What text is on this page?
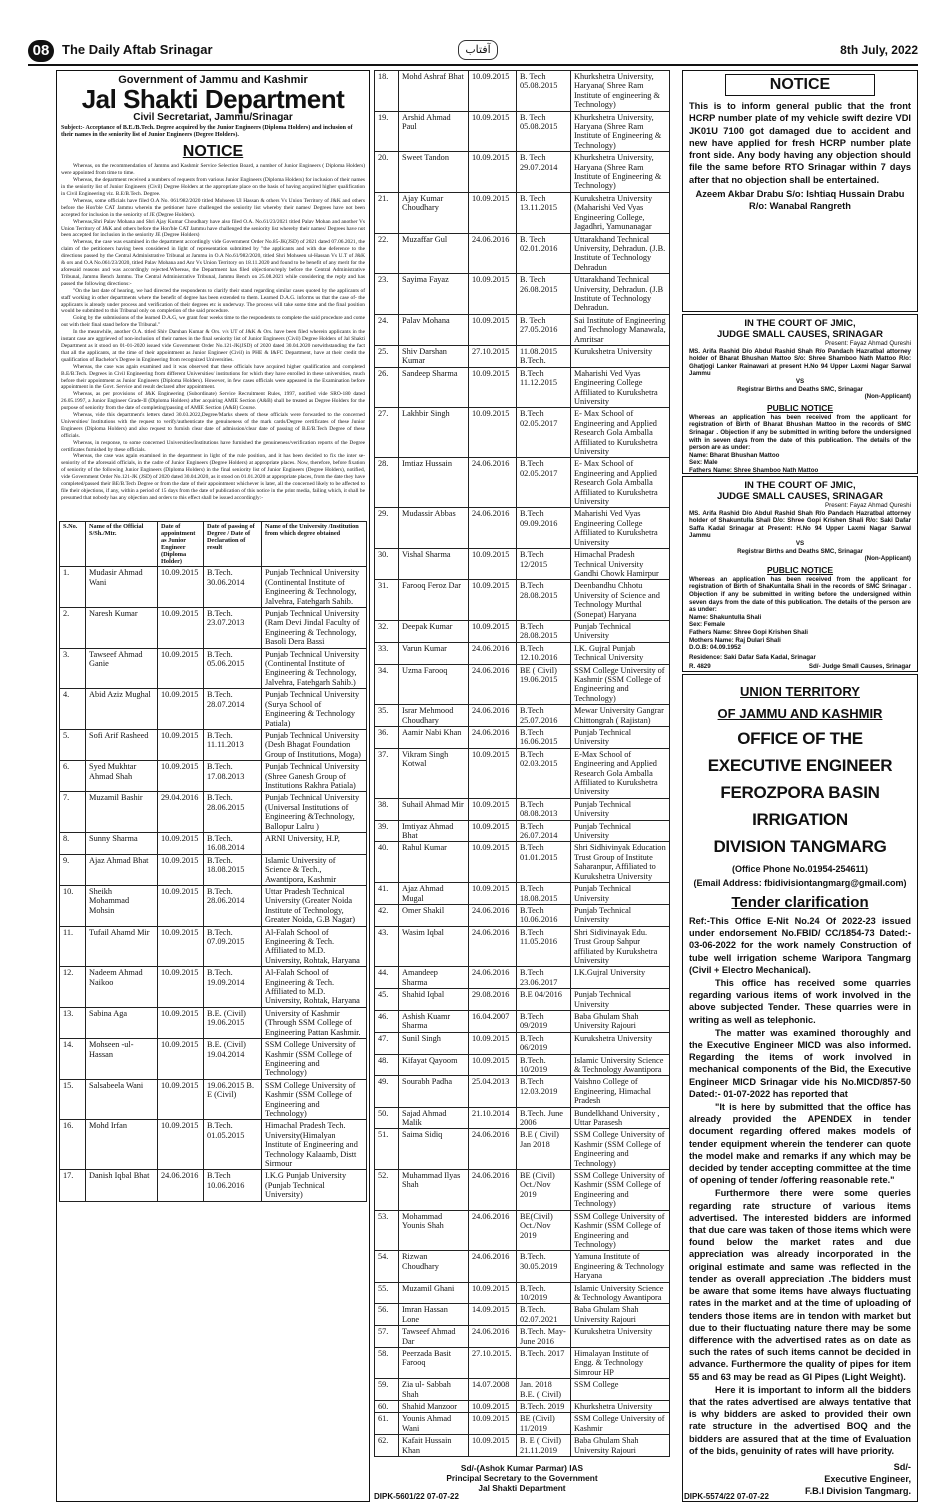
08 The Daily Aftab Srinagar	آفتاب	8th July, 2022
Government of Jammu and Kashmir
Jal Shakti Department
Civil Secretariat, Jammu/Srinagar
Subject:- Acceptance of B.E./B.Tech. Degree acquired by the Junior Engineers (Diploma Holders) and inclusion of their names in the seniority list of Junior Engineers (Degree Holders).
NOTICE

Whereas, on the recommendation of Jammu and Kashmir Service Selection Board, a number of Junior Engineers ( Diploma Holders) were appointed from time to time.

Whereas, the department received a numbers of requests from various Junior Engineers (Diploma Holders) for inclusion of their names in the seniority list of Junior Engineers (Civil) Degree Holders at the appropriate place on the basis of having acquired higher qualification in Civil Engineering viz. B.E/B.Tech. Degree.

Whereas, some officials have filed O.A No. 061/982/2020 titled Mohseen Ul Hassan & others Vs Union Territory of J&K and others before the Hon'ble CAT Jammu wherein the petitioner have challenged the seniority list whereby their names/ Degrees have not been accepted for inclusion in the seniority of JE (Degree Holders).

Whereas,Shri Palav Mohana and Shri Ajay Kumar Choudhary have also filed O.A. No.61/23/2021 titled Palav Mohan and another Vs Union Territory of J&K and others before the Hon'ble CAT Jammu have challenged the seniority list whereby their names/ Degrees have not been accepted for inclusion in the seniority JE (Degree Holders)

Whereas, the case was examined in the department accordingly vide Government Order No.85-JK(JSD) of 2021 dated 07.06.2021, the claim of the petitioners having been considered in light of representation submitted by "the applicants and with due deference to the directions passed by the Central Administrative Tribunal at Jammu in O.A No.61/982/2020, titled Shri Mohseen ul-Hassan Vs U.T of J&K & ors and O.A No.061/23/2020, titled Palav Mohana and Anr Vs Union Territory on 18.11.2020 and found to be benefit of any merit for the aforesaid reasons and was accordingly rejected.Whereas, the Department has filed objections/reply before the Central Administrative Tribunal, Jammu Bench Jammu. The Central Administrative Tribunal, Jammu Bench on 25.08.2021 while considering the reply and has passed the following directions:-

"On the last date of hearing, we had directed the respondents to clarify their stand regarding similar cases quoted by the applicants of staff working in other departments where the benefit of degree has been extended to them. Learned D.A.G. informs us that the case of- the applicants is already under process and verification of their degrees etc is underway. The process will take some time and the final position would be submitted to this Tribunal only on completion of the said procedure.

Going by the submissions of the learned D.A.G, we grant four weeks time to the respondents to complete the said procedure and come out with their final stand before the Tribunal."

In the meanwhile, another O.A. titled Shiv Darshan Kumar & Ors. v/s UT of J&K & Ors. have been filed wherein applicants in the instant case are aggrieved of non-inclusion of their names in the final seniority list of Junior Engineers (Civil) Degree Holders of Jal Shakti Department as it stood on 01-01-2020 issued vide Government Order No.121-JK(JSD) of 2020 dated 30.04.2020 notwithstanding the fact that all the applicants, at the time of their appointment as Junior Engineer (Civil) in PHE & I&FC Department, have at their credit the qualification of Bachelor's Degree in Engineering from recognized Universities.

Whereas, the case was again examined and it was observed that these officials have acquired higher qualification and completed B.E/B.Tech. Degrees in Civil Engineering from different Universities/ institutions for which they have enrolled in these universities, much before their appointment as Junior Engineers (Diploma Holders). However, in few cases officials were appeared in the Examination before appointment in the Govt. Service and result declared after appointment.

Whereas, as per provisions of J&K Engineering (Subordinate) Service Recruitment Rules, 1997, notified vide SRO-180 dated 26.05.1997, a Junior Engineer Grade-II (Diploma Holders) after acquiring AMIE Section (A&B) shall be treated as Degree Holders for the purpose of seniority from the date of completing/passing of AMIE Section (A&B) Course.

Whereas, vide this department's letters dated 30.03.2022,Degree/Marks sheets of these officials were forwarded to the concerned Universities/ Institutions with the request to verify/authenticate the genuineness of the mark cards/Degree certificates of these Junior Engineers (Diploma Holders) and also request to furnish clear date of admission/clear date of passing of B.E/B.Tech Degree of these officials.

Whereas, in response, to some concerned Universities/Institutions have furnished the genuineness/verification reports of the Degree certificates furnished by these officials.

Whereas, the case was again examined in the department in light of the rule position, and it has been decided to fix the inter se-seniority of the aforesaid officials, in the cadre of Junior Engineers (Degree Holders) at appropriate places. Now, therefore, before fixation of seniority of the following Junior Engineers (Diploma Holders) in the final seniority list of Junior Engineers (Degree Holders), notified, vide Government Order No.121-JK (JSD) of 2020 dated 30.04.2020, as it stood on 01.01.2020 at appropriate places, from the date they have completed/passed their BE/B.Tech Degree or from the date of their appointment whichever is later, all the concerned likely to be affected to file their objections, if any, within a period of 15 days from the date of publication of this notice in the print media, failing which, it shall be presumed that nobody has any objection and orders to this effect shall be issued accordingly:-

S.No.	Name of the Official S/Sh./Mtr.	Date of appointment as Junior Engineer (Diploma Holder)	Date of passing of Degree / Date of Declaration of result	Name of the University /Institution from which degree obtained
1.	Mudasir Ahmad Wani	10.09.2015	B.Tech. 30.06.2014	Punjab Technical University (Continental Institute of Engineering & Technology, Jalvehra, Fatehgarh Sahib.
2.	Naresh Kumar	10.09.2015	B.Tech. 23.07.2013	Punjab Technical University (Ram Devi Jindal Faculty of Engineering & Technology, Basoli Dera Bassi
3.	Tawseef Ahmad Ganie	10.09.2015	B.Tech. 05.06.2015	Punjab Technical University (Continental Institute of Engineering & Technology, Jalvehra, Fatehgarh Sahib.)
4.	Abid Aziz Mughal	10.09.2015	B.Tech. 28.07.2014	Punjab Technical University (Surya School of Engineering & Technology Patiala)
5.	Sofi Arif Rasheed	10.09.2015	B.Tech. 11.11.2013	Punjab Technical University (Desh Bhagat Foundation Group of Institutions, Moga)
6.	Syed Mukhtar Ahmad Shah	10.09.2015	B.Tech. 17.08.2013	Punjab Technical University (Shree Ganesh Group of Institutions Rakhra Patiala)
7.	Muzamil Bashir	29.04.2016	B.Tech. 28.06.2015	Punjab Technical University (Universal Institutions of Engineering &Technology, Ballopur Lalru )
8.	Sunny Sharma	10.09.2015	B.Tech. 16.08.2014	ARNI University, H.P,
9.	Ajaz Ahmad Bhat	10.09.2015	B.Tech. 18.08.2015	Islamic University of Science & Tech., Awantipora, Kashmir
10.	Sheikh Mohammad Mohsin	10.09.2015	B.Tech. 28.06.2014	Uttar Pradesh Technical University (Greater Noida Institute of Technology, Greater Noida, G.B Nagar)
11.	Tufail Ahamd Mir	10.09.2015	B.Tech. 07.09.2015	Al-Falah School of Engineering & Tech. Affiliated to M.D. University, Rohtak, Haryana
12.	Nadeem Ahmad Naikoo	10.09.2015	B.Tech. 19.09.2014	Al-Falah School of Engineering & Tech. Affiliated to M.D. University, Rohtak, Haryana
13.	Sabina Aga	10.09.2015	B.E. (Civil) 19.06.2015	University of Kashmir (Through SSM College of Engineering Pattan Kashmir.
14.	Mohseen -ul- Hassan	10.09.2015	B.E. (Civil) 19.04.2014	SSM College University of Kashmir (SSM College of Engineering and Technology)
15.	Salsabeela Wani	10.09.2015	19.06.2015 B. E (Civil)	SSM College University of Kashmir (SSM College of Engineering and Technology)
16.	Mohd Irfan	10.09.2015	B.Tech. 01.05.2015	Himachal Pradesh Tech. University(Himalyan Institute of Engineering and Technology Kalaamb, Distt Sirmour
17.	Danish Iqbal Bhat	24.06.2016	B.Tech 10.06.2016	I.K.G Punjab University (Punjab Technical University)
18.	Mohd Ashraf Bhat	10.09.2015	B. Tech 05.08.2015	Khurkshetra University, Haryana( Shree Ram Institute of engineering & Technology)
19.	Arshid Ahmad Paul	10.09.2015	B. Tech 05.08.2015	Khurkshetra University, Haryana (Shree Ram Institute of Engineering & Technology)
20.	Sweet Tandon	10.09.2015	B. Tech 29.07.2014	Khurkshetra University, Haryana (Shree Ram Institute of Engineering & Technology)
21.	Ajay Kumar Choudhary	10.09.2015	B. Tech 13.11.2015	Kurukshetra University (Maharishi Ved Vyas Engineering College, Jagadhri, Yamunanagar
22.	Muzaffar Gul	24.06.2016	B. Tech 02.01.2016	Uttarakhand Technical University, Dehradun. (J.B. Institute of Technology Dehradun
23.	Sayima Fayaz	10.09.2015	B. Tech 26.08.2015	Uttarakhand Technical University, Dehradun. (J.B Institute of Technology Dehradun.
24.	Palav Mohana	10.09.2015	B. Tech 27.05.2016	Sai Institute of Engineering and Technology Manawala, Amritsar
25.	Shiv Darshan Kumar	27.10.2015	11.08.2015 B.Tech.	Kurukshetra University
26.	Sandeep Sharma	10.09.2015	B.Tech 11.12.2015	Maharishi Ved Vyas Engineering College Affiliated to Kurukshetra University
27.	Lakhbir Singh	10.09.2015	B.Tech 02.05.2017	E- Max School of Engineering and Applied Research Gola Amballa Affiliated to Kurukshetra University
28.	Imtiaz Hussain	24.06.2016	B.Tech 02.05.2017	E- Max School of Engineering and Applied Research Gola Amballa Affiliated to Kurukshetra University
29.	Mudassir Abbas	24.06.2016	B.Tech 09.09.2016	Maharishi Ved Vyas Engineering College Affiliated to Kurukshetra University
30.	Vishal Sharma	10.09.2015	B.Tech 12/2015	Himachal Pradesh Technical University Gandhi Chowk Hamirpur
31.	Farooq Feroz Dar	10.09.2015	B.Tech 28.08.2015	Deenbandhu Chhotu University of Science and Technology Murthal (Sonepat) Haryana
32.	Deepak Kumar	10.09.2015	B.Tech 28.08.2015	Punjab Technical University
33.	Varun Kumar	24.06.2016	B.Tech 12.10.2016	I.K. Gujral Punjab Technical University
34.	Uzma Farooq	24.06.2016	BE ( Civil) 19.06.2015	SSM College University of Kashmir (SSM College of Engineering and Technology)
35.	Israr Mehmood Choudhary	24.06.2016	B.Tech 25.07.2016	Mewar University Gangrar Chittongrah ( Rajistan)
36.	Aamir Nabi Khan	24.06.2016	B.Tech 16.06.2015	Punjab Technical University
37.	Vikram Singh Kotwal	10.09.2015	B.Tech 02.03.2015	E-Max School of Engineering and Applied Research Gola Amballa Affiliated to Kurukshetra University
38.	Suhail Ahmad Mir	10.09.2015	B.Tech 08.08.2013	Punjab Technical University
39.	Imtiyaz Ahmad Bhat	10.09.2015	B.Tech 26.07.2014	Punjab Technical University
40.	Rahul Kumar	10.09.2015	B.Tech 01.01.2015	Shri Sidhivinyak Education Trust Group of Institute Saharanpur, Affiliated to Kurukshetra University
41.	Ajaz Ahmad Mugal	10.09.2015	B.Tech 18.08.2015	Punjab Technical University
42.	Omer Shakil	24.06.2016	B.Tech 10.06.2016	Punjab Technical University
43.	Wasim Iqbal	24.06.2016	B.Tech 11.05.2016	Shri Sidivinayak Edu. Trust Group Sahpur affiliated by Kurukshetra University
44.	Amandeep Sharma	24.06.2016	B.Tech 23.06.2017	I.K.Gujral University
45.	Shahid Iqbal	29.08.2016	B.E 04/2016	Punjab Technical University
46.	Ashish Kuamr Sharma	16.04.2007	B.Tech 09/2019	Baba Ghulam Shah University Rajouri
47.	Sunil Singh	10.09.2015	B.Tech 06/2019	Kurukshetra University
48.	Kifayat Qayoom	10.09.2015	B.Tech. 10/2019	Islamic University Science & Technology Awantipora
49.	Sourabh Padha	25.04.2013	B.Tech 12.03.2019	Vaishno College of Engineering, Himachal Pradesh
50.	Sajad Ahmad Malik	21.10.2014	B.Tech. June 2006	Bundelkhand University , Uttar Parasesh
51.	Saima Sidiq	24.06.2016	B.E ( Civil) Jan 2018	SSM College University of Kashmir (SSM College of Engineering and Technology)
52.	Muhammad Ilyas Shah	24.06.2016	BE (Civil) Oct./Nov 2019	SSM College University of Kashmir (SSM College of Engineering and Technology)
53.	Mohammad Younis Shah	24.06.2016	BE(Civil) Oct./Nov 2019	SSM College University of Kashmir (SSM College of Engineering and Technology)
54.	Rizwan Choudhary	24.06.2016	B.Tech. 30.05.2019	Yamuna Institute of Engineering & Technology Haryana
55.	Muzamil Ghani	10.09.2015	B.Tech. 10/2019	Islamic University Science & Technology Awantipora
56.	Imran Hassan Lone	14.09.2015	B.Tech. 02.07.2021	Baba Ghulam Shah University Rajouri
57.	Tawseef Ahmad Dar	24.06.2016	B.Tech. May- June 2016	Kurukshetra University
58.	Peerzada Basit Farooq	27.10.2015.	B.Tech. 2017	Himalayan Institute of Engg. & Technology Simrour HP
59.	Zia ul- Sabbah Shah	14.07.2008	Jan. 2018 B.E. ( Civil)	SSM College
60.	Shahid Manzoor	10.09.2015	B.Tech. 2019	Khurkshetra University
61.	Younis Ahmad Wani	10.09.2015	BE (Civil) 11/2019	SSM College University of Kashmir
62.	Kafait Hussain Khan	10.09.2015	B. E ( Civil) 21.11.2019	Baba Ghulam Shah University Rajouri
Sd/-(Ashok Kumar Parmar) IAS
Principal Secretary to the Government
Jal Shakti Department
DIPK-5601/22 07-07-22
NOTICE
This is to inform general public that the front HCRP number plate of my vehicle swift dezire VDI JK01U 7100 got damaged due to accident and new have applied for fresh HCRP number plate front side. Any body having any objection should file the same before RTO Srinagar within 7 days after that no objection shall be entertained.
Azeem Akbar Drabu S/o: Ishtiaq Hussain Drabu
R/o: Wanabal Rangreth
IN THE COURT OF JMIC,
JUDGE SMALL CAUSES, SRINAGAR
Present: Fayaz Ahmad Qureshi
MS. Arifa Rashid D/o Abdul Rashid Shah R/o Pandach Hazratbal attorney holder of Bharat Bhushan Mattoo S/o: Shree Shamboo Nath Mattoo R/o: Ghatjogi Lanker Rainawari at present H.No 94 Upper Laxmi Nagar Sarwal Jammu
VS
Registrar Births and Deaths SMC, Srinagar
(Non-Applicant)
PUBLIC NOTICE
Whereas an application has been received from the applicant for registration of Birth of Bharat Bhushan Mattoo in the records of SMC Srinagar . Objection if any be submitted in writing before the undersigned with in seven days from the date of this publication. The details of the person are as under:
Name: Bharat Bhushan Mattoo
Sex: Male
Fathers Name: Shree Shamboo Nath Mattoo
IN THE COURT OF JMIC,
JUDGE SMALL CAUSES, SRINAGAR
Present: Fayaz Ahmad Qureshi
MS. Arifa Rashid D/o Abdul Rashid Shah R/o Pandach Hazratbal attorney holder of ShakuntulIa Shali D/o: Shree Gopi Krishen Shali R/o: Saki Dafar Saffa Kadal Srinagar at Present: H.No 94 Upper Laxmi Nagar Sarwal Jammu
VS
Registrar Births and Deaths SMC, Srinagar
(Non-Applicant)
PUBLIC NOTICE
Whereas an application has been received from the applicant for registration of Birth of ShaKuntalla Shali in the records of SMC Srinagar . Objection if any be submitted in writing before the undersigned within seven days from the date of this publication. The details of the person are as under:
Name: Shakuntulla Shali
Sex: Female
Fathers Name: Shree Gopi Krishen Shali
Mothers Name: Raj Dulari Shali
D.O.B: 04.09.1952
Residence: Saki Dafar Safa Kadal, Srinagar
R. 4829	Sd/- Judge Small Causes, Srinagar
UNION TERRITORY
OF JAMMU AND KASHMIR
OFFICE OF THE
EXECUTIVE ENGINEER
FEROZPORA BASIN IRRIGATION
DIVISION TANGMARG
(Office Phone No.01954-254611)
(Email Address: fbidivisiontangmarg@gmail.com)
Tender clarification

Ref:-This Office E-Nit No.24 Of 2022-23 issued under endorsement No.FBID/ CC/1854-73 Dated:- 03-06-2022 for the work namely Construction of tube well irrigation scheme Waripora Tangmarg (Civil + Electro Mechanical).

This office has received some quarries regarding various items of work involved in the above subjected Tender. These quarries were in writing as well as telephonic.

The matter was examined thoroughly and the Executive Engineer MICD was also informed. Regarding the items of work involved in mechanical components of the Bid, the Executive Engineer MICD Srinagar vide his No.MICD/857-50 Dated:- 01-07-2022 has reported that

"It is here by submitted that the office has already provided the APENDEX in tender document regarding offered makes models of tender equipment wherein the tenderer can quote the model make and remarks if any which may be decided by tender accepting committee at the time of opening of tender /offering reasonable rete."

Furthermore there were some queries regarding rate structure of various items advertised. The interested bidders are informed that due care was taken of those items which were found below the market rates and due appreciation was already incorporated in the original estimate and same was reflected in the tender as overall appreciation .The bidders must be aware that some items have always fluctuating rates in the market and at the time of uploading of tenders those items are in tendon with market but due to their fluctuating nature there may be some difference with the advertised rates as on date as such the rates of such items cannot be decided in advance. Furthermore the quality of pipes for item 55 and 63 may be read as GI Pipes (Light Weight).

Here it is important to inform all the bidders that the rates advertised are always tentative that is why bidders are asked to provided their own rate structure in the advertised BOQ and the bidders are assured that at the time of Evaluation of the bids, genuinity of rates will have priority.

Sd/-
Executive Engineer,
F.B.I Division Tangmarg.
DIPK-5574/22 07-07-22
